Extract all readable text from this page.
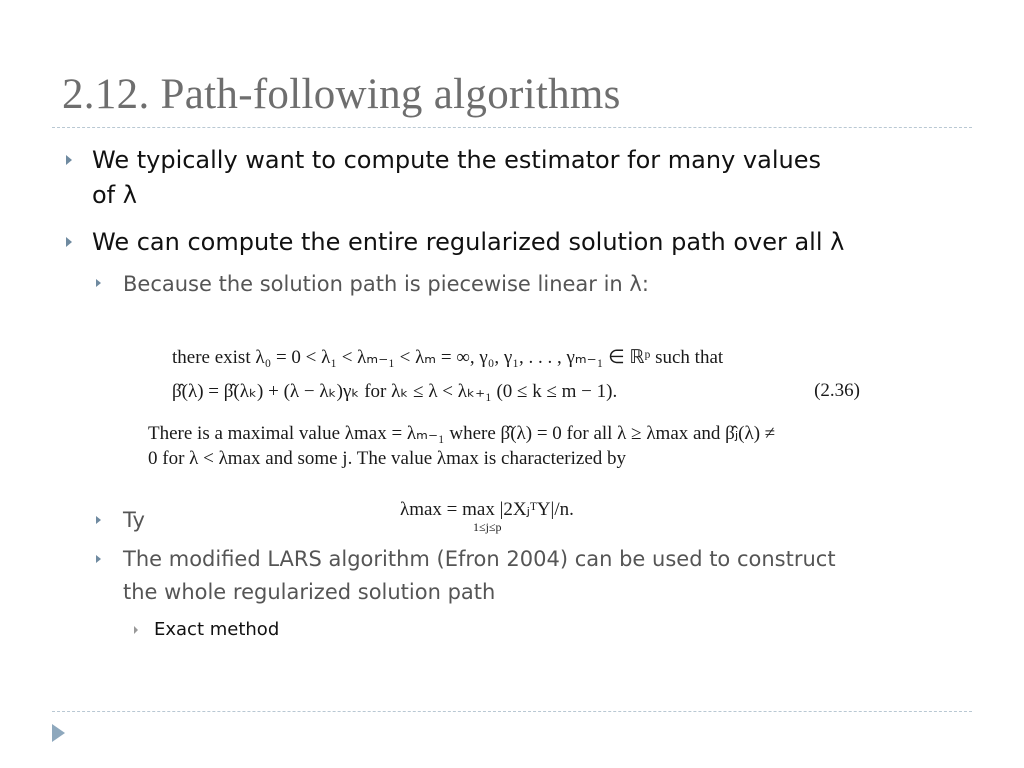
2.12. Path-following algorithms
We typically want to compute the estimator for many values
of λ
We can compute the entire regularized solution path over all λ
Because the solution path is piecewise linear in λ:
there exist λ₀ = 0 < λ₁ < λₘ₋₁ < λₘ = ∞, γ₀, γ₁, . . . , γₘ₋₁ ∈ ℝᵖ such that
β̂(λ) = β̂(λₖ) + (λ − λₖ)γₖ for λₖ ≤ λ < λₖ₊₁ (0 ≤ k ≤ m − 1).	(2.36)
There is a maximal value λmax = λₘ₋₁ where β̂(λ) = 0 for all λ ≥ λmax and β̂ⱼ(λ) ≠
0 for λ < λmax and some j. The value λmax is characterized by
λmax = max |2XⱼᵀY|/n.
1≤j≤p
Ty
The modified LARS algorithm (Efron 2004) can be used to construct
the whole regularized solution path
Exact method
